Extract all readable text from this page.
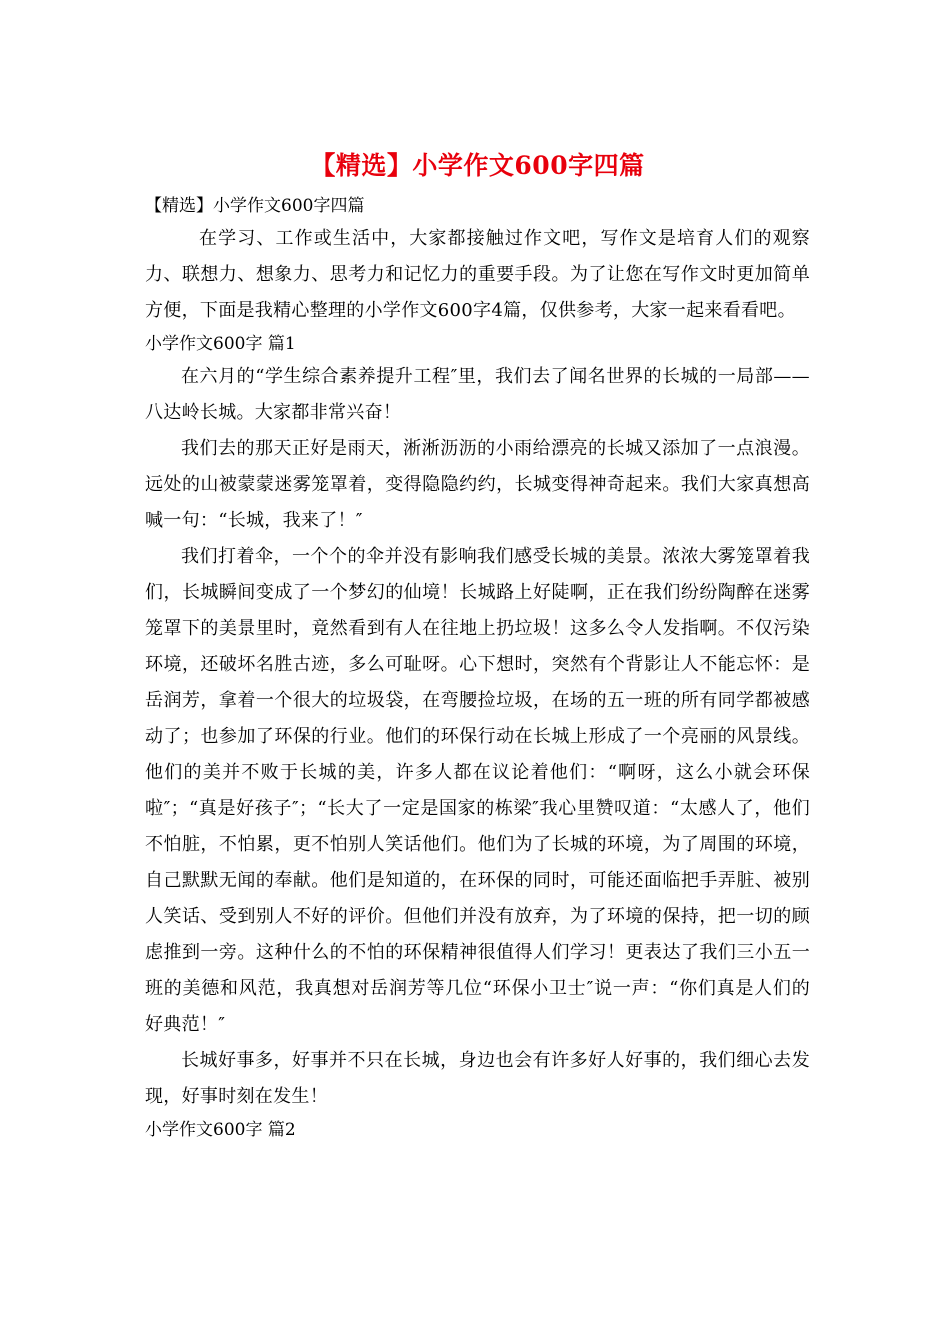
【精选】小学作文600字四篇

【精选】小学作文600字四篇

在学习、工作或生活中，大家都接触过作文吧，写作文是培育人们的观察力、联想力、想象力、思考力和记忆力的重要手段。为了让您在写作文时更加简单方便，下面是我精心整理的小学作文600字4篇，仅供参考，大家一起来看看吧。

小学作文600字 篇1

在六月的“学生综合素养提升工程″里，我们去了闻名世界的长城的一局部——八达岭长城。大家都非常兴奋！

我们去的那天正好是雨天，淅淅沥沥的小雨给漂亮的长城又添加了一点浪漫。远处的山被蒙蒙迷雾笼罩着，变得隐隐约约，长城变得神奇起来。我们大家真想高喊一句：“长城，我来了！″

我们打着伞，一个个的伞并没有影响我们感受长城的美景。浓浓大雾笼罩着我们，长城瞬间变成了一个梦幻的仙境！长城路上好陡啊，正在我们纷纷陶醉在迷雾笼罩下的美景里时，竟然看到有人在往地上扔垃圾！这多么令人发指啊。不仅污染环境，还破坏名胜古迹，多么可耻呀。心下想时，突然有个背影让人不能忘怀：是岳润芳，拿着一个很大的垃圾袋，在弯腰捡垃圾，在场的五一班的所有同学都被感动了；也参加了环保的行业。他们的环保行动在长城上形成了一个亮丽的风景线。他们的美并不败于长城的美，许多人都在议论着他们：“啊呀，这么小就会环保啦″；“真是好孩子″；“长大了一定是国家的栋梁″我心里赞叹道：“太感人了，他们不怕脏，不怕累，更不怕别人笑话他们。他们为了长城的环境，为了周围的环境，自己默默无闻的奉献。他们是知道的，在环保的同时，可能还面临把手弄脏、被别人笑话、受到别人不好的评价。但他们并没有放弃，为了环境的保持，把一切的顾虑推到一旁。这种什么的不怕的环保精神很值得人们学习！更表达了我们三小五一班的美德和风范，我真想对岳润芳等几位“环保小卫士″说一声：“你们真是人们的好典范！″

长城好事多，好事并不只在长城，身边也会有许多好人好事的，我们细心去发现，好事时刻在发生！

小学作文600字 篇2
